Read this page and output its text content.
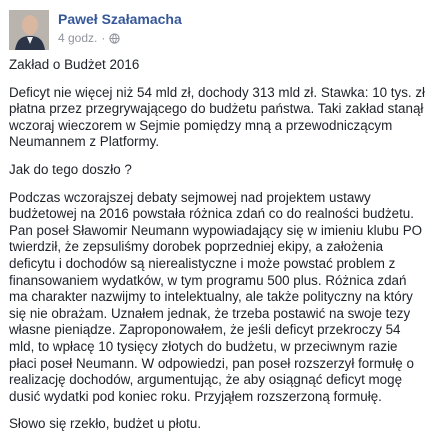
Paweł Szałamacha
4 godz. ·

Zakład o Budżet 2016

Deficyt nie więcej niż 54 mld zł, dochody 313 mld zł. Stawka: 10 tys. zł płatna przez przegrywającego do budżetu państwa. Taki zakład stanął wczoraj wieczorem w Sejmie pomiędzy mną a przewodniczącym Neumannem z Platformy.

Jak do tego doszło ?

Podczas wczorajszej debaty sejmowej nad projektem ustawy budżetowej na 2016 powstała różnica zdań co do realności budżetu. Pan poseł Sławomir Neumann wypowiadający się w imieniu klubu PO twierdził, że zepsuliśmy dorobek poprzedniej ekipy, a założenia deficytu i dochodów są nierealistyczne i może powstać problem z finansowaniem wydatków, w tym programu 500 plus. Różnica zdań ma charakter nazwijmy to intelektualny, ale także polityczny na który się nie obrażam. Uznałem jednak, że trzeba postawić na swoje tezy własne pieniądze. Zaproponowałem, że jeśli deficyt przekroczy 54 mld, to wpłacę 10 tysięcy złotych do budżetu, w przeciwnym razie płaci poseł Neumann. W odpowiedzi, pan poseł rozszerzył formułę o realizację dochodów, argumentując, że aby osiągnąć deficyt mogę dusić wydatki pod koniec roku. Przyjąłem rozszerzoną formułę.

Słowo się rzekło, budżet u płotu.
